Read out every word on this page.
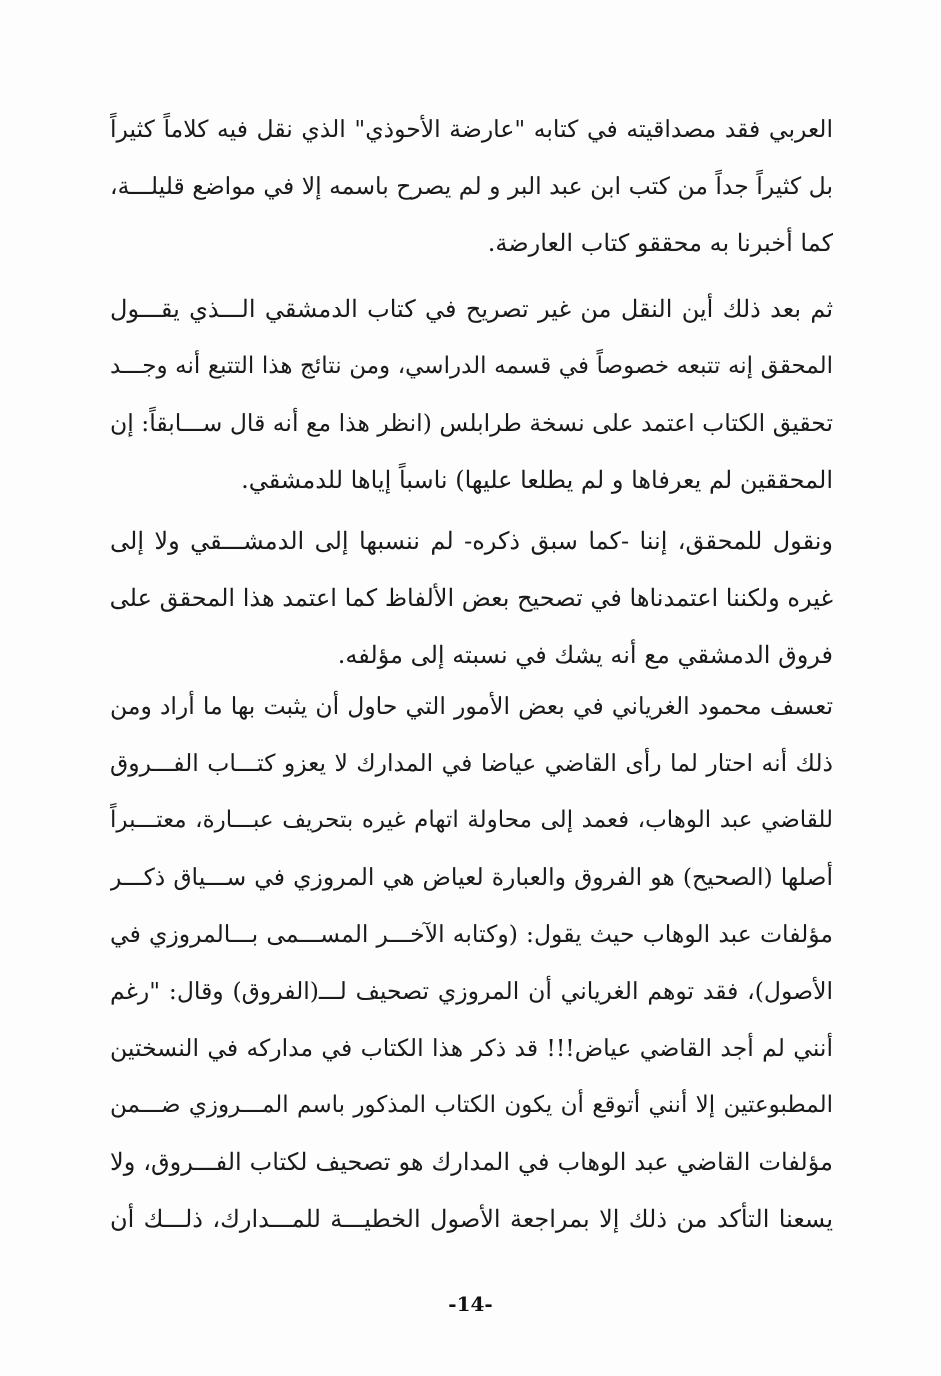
العربي فقد مصداقيته في كتابه "عارضة الأحوذي" الذي نقل فيه كلاماً كثيراً
بل كثيراً جداً من كتب ابن عبد البر و لم يصرح باسمه إلا في مواضع قليلـــة،
كما أخبرنا به محققو كتاب العارضة.
ثم بعد ذلك أين النقل من غير تصريح في كتاب الدمشقي الـــذي يقـــول
المحقق إنه تتبعه خصوصاً في قسمه الدراسي، ومن نتائج هذا التتبع أنه وجـــد
تحقيق الكتاب اعتمد على نسخة طرابلس (انظر هذا مع أنه قال ســـابقاً: إن
المحققين لم يعرفاها و لم يطلعا عليها) ناسباً إياها للدمشقي.
ونقول للمحقق، إننا -كما سبق ذكره- لم ننسبها إلى الدمشـــقي ولا إلى
غيره ولكننا اعتمدناها في تصحيح بعض الألفاظ كما اعتمد هذا المحقق على
فروق الدمشقي مع أنه يشك في نسبته إلى مؤلفه.
تعسف محمود الغرياني في بعض الأمور التي حاول أن يثبت بها ما أراد ومن
ذلك أنه احتار لما رأى القاضي عياضا في المدارك لا يعزو كتـــاب الفـــروق
للقاضي عبد الوهاب، فعمد إلى محاولة اتهام غيره بتحريف عبـــارة، معتـــبراً
أصلها (الصحيح) هو الفروق والعبارة لعياض هي المروزي في ســـياق ذكـــر
مؤلفات عبد الوهاب حيث يقول: (وكتابه الآخـــر المســـمى بـــالمروزي في
الأصول)، فقد توهم الغرياني أن المروزي تصحيف لـــ(الفروق) وقال: "رغم
أنني لم أجد القاضي عياض!!! قد ذكر هذا الكتاب في مداركه في النسختين
المطبوعتين إلا أنني أتوقع أن يكون الكتاب المذكور باسم المـــروزي ضـــمن
مؤلفات القاضي عبد الوهاب في المدارك هو تصحيف لكتاب الفـــروق، ولا
يسعنا التأكد من ذلك إلا بمراجعة الأصول الخطيـــة للمـــدارك، ذلـــك أن
-14-
